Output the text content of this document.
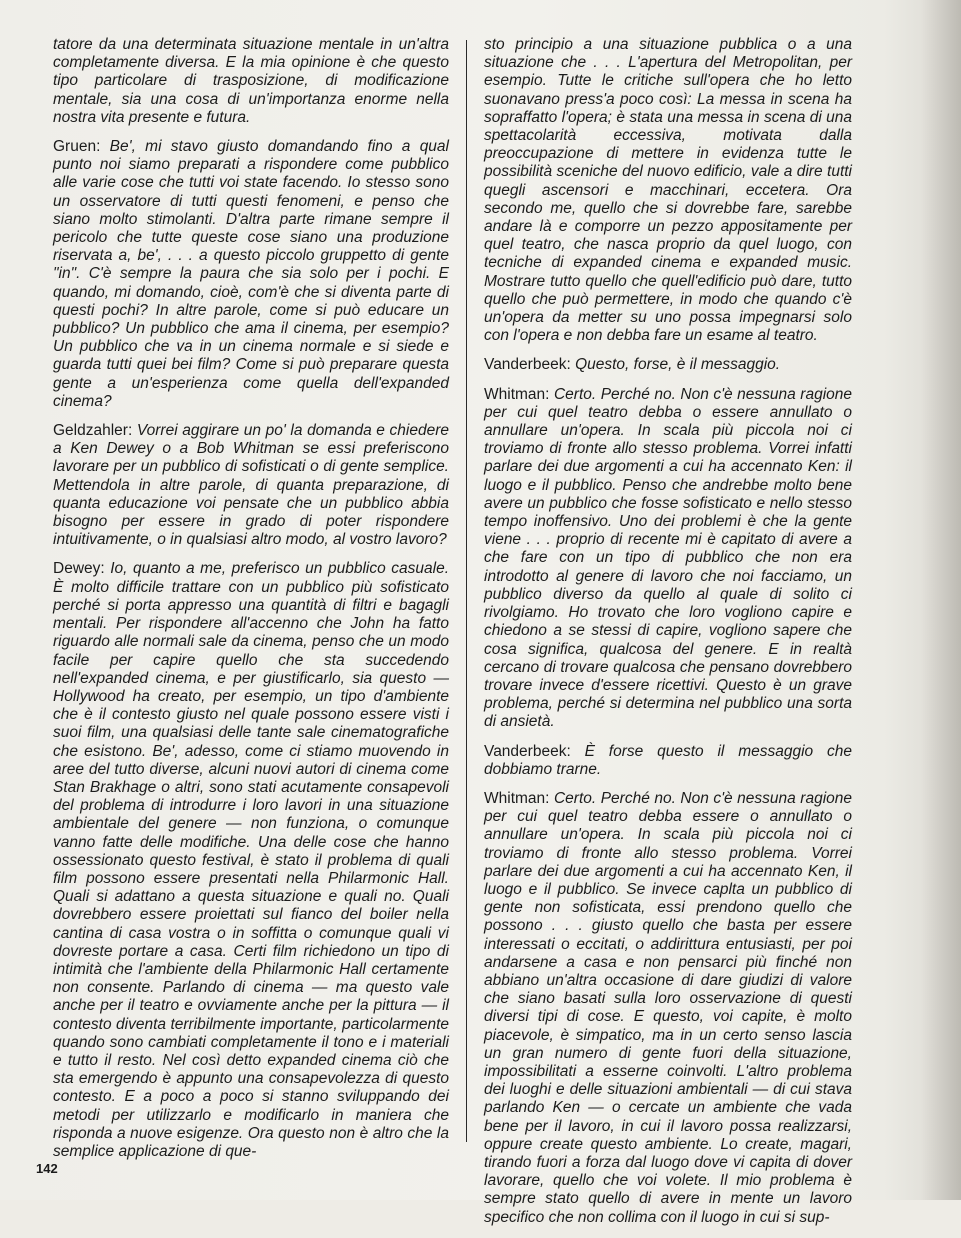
tatore da una determinata situazione mentale in un'altra completamente diversa. E la mia opinione è che questo tipo particolare di trasposizione, di modificazione mentale, sia una cosa di un'importanza enorme nella nostra vita presente e futura.

Gruen: Be', mi stavo giusto domandando fino a qual punto noi siamo preparati a rispondere come pubblico alle varie cose che tutti voi state facendo. Io stesso sono un osservatore di tutti questi fenomeni, e penso che siano molto stimolanti. D'altra parte rimane sempre il pericolo che tutte queste cose siano una produzione riservata a, be', . . . a questo piccolo gruppetto di gente "in". C'è sempre la paura che sia solo per i pochi. E quando, mi domando, cioè, com'è che si diventa parte di questi pochi? In altre parole, come si può educare un pubblico? Un pubblico che ama il cinema, per esempio? Un pubblico che va in un cinema normale e si siede e guarda tutti quei bei film? Come si può preparare questa gente a un'esperienza come quella dell'expanded cinema?

Geldzahler: Vorrei aggirare un po' la domanda e chiedere a Ken Dewey o a Bob Whitman se essi preferiscono lavorare per un pubblico di sofisticati o di gente semplice. Mettendola in altre parole, di quanta preparazione, di quanta educazione voi pensate che un pubblico abbia bisogno per essere in grado di poter rispondere intuitivamente, o in qualsiasi altro modo, al vostro lavoro?

Dewey: Io, quanto a me, preferisco un pubblico casuale. È molto difficile trattare con un pubblico più sofisticato perché si porta appresso una quantità di filtri e bagagli mentali. Per rispondere all'accenno che John ha fatto riguardo alle normali sale da cinema, penso che un modo facile per capire quello che sta succedendo nell'expanded cinema, e per giustificarlo, sia questo — Hollywood ha creato, per esempio, un tipo d'ambiente che è il contesto giusto nel quale possono essere visti i suoi film, una qualsiasi delle tante sale cinematografiche che esistono. Be', adesso, come ci stiamo muovendo in aree del tutto diverse, alcuni nuovi autori di cinema come Stan Brakhage o altri, sono stati acutamente consapevoli del problema di introdurre i loro lavori in una situazione ambientale del genere — non funziona, o comunque vanno fatte delle modifiche. Una delle cose che hanno ossessionato questo festival, è stato il problema di quali film possono essere presentati nella Philarmonic Hall. Quali si adattano a questa situazione e quali no. Quali dovrebbero essere proiettati sul fianco del boiler nella cantina di casa vostra o in soffitta o comunque quali vi dovreste portare a casa. Certi film richiedono un tipo di intimità che l'ambiente della Philarmonic Hall certamente non consente. Parlando di cinema — ma questo vale anche per il teatro e ovviamente anche per la pittura — il contesto diventa terribilmente importante, particolarmente quando sono cambiati completamente il tono e i materiali e tutto il resto. Nel così detto expanded cinema ciò che sta emergendo è appunto una consapevolezza di questo contesto. E a poco a poco si stanno sviluppando dei metodi per utilizzarlo e modificarlo in maniera che risponda a nuove esigenze. Ora questo non è altro che la semplice applicazione di que-

sto principio a una situazione pubblica o a una situazione che . . . L'apertura del Metropolitan, per esempio. Tutte le critiche sull'opera che ho letto suonavano press'a poco così: La messa in scena ha sopraffatto l'opera; è stata una messa in scena di una spettacolarità eccessiva, motivata dalla preoccupazione di mettere in evidenza tutte le possibilità sceniche del nuovo edificio, vale a dire tutti quegli ascensori e macchinari, eccetera. Ora secondo me, quello che si dovrebbe fare, sarebbe andare là e comporre un pezzo appositamente per quel teatro, che nasca proprio da quel luogo, con tecniche di expanded cinema e expanded music. Mostrare tutto quello che quell'edificio può dare, tutto quello che può permettere, in modo che quando c'è un'opera da metter su uno possa impegnarsi solo con l'opera e non debba fare un esame al teatro.

Vanderbeek: Questo, forse, è il messaggio.

Whitman: Certo. Perché no. Non c'è nessuna ragione per cui quel teatro debba o essere annullato o annullare un'opera. In scala più piccola noi ci troviamo di fronte allo stesso problema. Vorrei infatti parlare dei due argomenti a cui ha accennato Ken: il luogo e il pubblico. Penso che andrebbe molto bene avere un pubblico che fosse sofisticato e nello stesso tempo inoffensivo. Uno dei problemi è che la gente viene . . . proprio di recente mi è capitato di avere a che fare con un tipo di pubblico che non era introdotto al genere di lavoro che noi facciamo, un pubblico diverso da quello al quale di solito ci rivolgiamo. Ho trovato che loro vogliono capire e chiedono a se stessi di capire, vogliono sapere che cosa significa, qualcosa del genere. E in realtà cercano di trovare qualcosa che pensano dovrebbero trovare invece d'essere ricettivi. Questo è un grave problema, perché si determina nel pubblico una sorta di ansietà.

Vanderbeek: È forse questo il messaggio che dobbiamo trarne.

Whitman: Certo. Perché no. Non c'è nessuna ragione per cui quel teatro debba essere o annullato o annullare un'opera. In scala più piccola noi ci troviamo di fronte allo stesso problema. Vorrei parlare dei due argomenti a cui ha accennato Ken, il luogo e il pubblico. Se invece caplta un pubblico di gente non sofisticata, essi prendono quello che possono . . . giusto quello che basta per essere interessati o eccitati, o addirittura entusiasti, per poi andarsene a casa e non pensarci più finché non abbiano un'altra occasione di dare giudizi di valore che siano basati sulla loro osservazione di questi diversi tipi di cose. E questo, voi capite, è molto piacevole, è simpatico, ma in un certo senso lascia un gran numero di gente fuori della situazione, impossibilitati a esserne coinvolti. L'altro problema dei luoghi e delle situazioni ambientali — di cui stava parlando Ken — o cercate un ambiente che vada bene per il lavoro, in cui il lavoro possa realizzarsi, oppure create questo ambiente. Lo create, magari, tirando fuori a forza dal luogo dove vi capita di dover lavorare, quello che voi volete. Il mio problema è sempre stato quello di avere in mente un lavoro specifico che non collima con il luogo in cui si sup-

142
